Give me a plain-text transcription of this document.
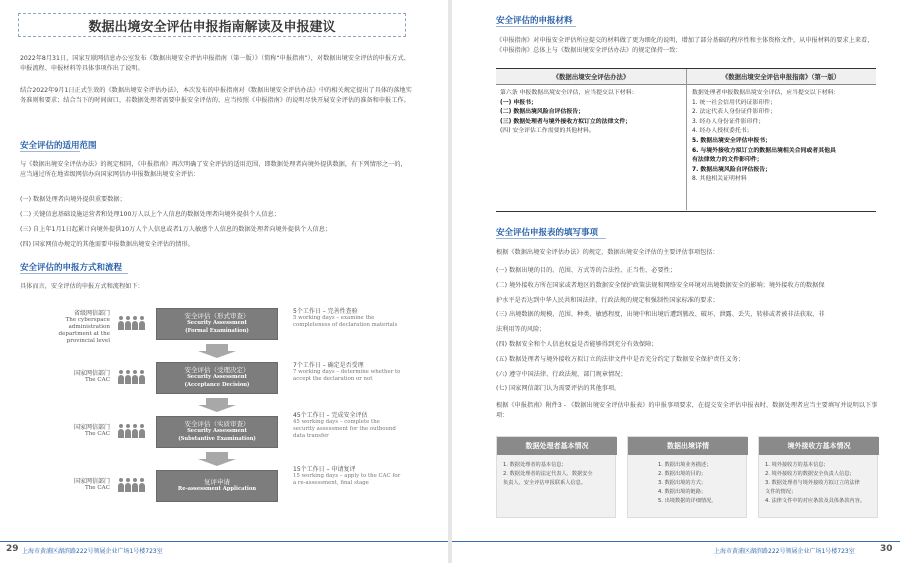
数据出境安全评估申报指南解读及申报建议
2022年8月31日，国家互联网信息办公室发布《数据出境安全评估申报指南（第一版）》（简称“申报指南”），对数据出境安全评估的申报方式、申报流程、申报材料等具体事项作出了说明。
结合2022年9月1日正式生效的《数据出境安全评估办法》，本次发布的申报指南对《数据出境安全评估办法》中的相关规定提出了具体的落地实务准则和要求；结合当下的时间窗口，若数据处理者需要申报安全评估的、应当按照《申报指南》的说明尽快开展安全评估的准备和申报工作。
安全评估的适用范围
与《数据出境安全评估办法》的规定相同，《申报指南》再次明确了安全评估的适用范围，即数据处理者向境外提供数据，有下列情形之一的，应当通过所在地省级网信办向国家网信办申报数据出境安全评估：
(一) 数据处理者向境外提供重要数据；
(二) 关键信息基础设施运营者和处理100万人以上个人信息的数据处理者向境外提供个人信息；
(三) 自上年1月1日起累计向境外提供10万人个人信息或者1万人敏感个人信息的数据处理者向境外提供个人信息；
(四) 国家网信办规定的其他需要申报数据出境安全评估的情形。
安全评估的申报方式和流程
具体而言，安全评估的申报方式和流程如下：
省级网信部门
The cyberspace administration department at the provincial level
安全评估（形式审查）
Security Assessment
(Formal Examination)
5个工作日 – 完善性查验
5 working days – examine the completeness of declaration materials
国家网信部门
The CAC
安全评估（受理决定）
Security Assessment
(Acceptance Decision)
7个工作日 – 确定是否受理
7 working days – determine whether to accept the declaration or not
国家网信部门
The CAC
安全评估（实质审查）
Security Assessment
(Substantive Examination)
45个工作日 – 完成安全评估
45 working days – complete the security assessment for the outbound data transfer
国家网信部门
The CAC
复评申请
Re-assessment Application
15个工作日 – 申请复评
15 working days – apply to the CAC for a re-assessment, final stage
29 上海市黄浦区湖滨路222号领展企业广场1号楼723室
安全评估的申报材料
《申报指南》对申报安全评估所应提交的材料做了更为细化的说明，增加了部分基础的程序性和主体资格文件，从申报材料的要求上来看，《申报指南》总体上与《数据出境安全评估办法》的规定保持一致：
《数据出境安全评估办法》	《数据出境安全评估申报指南》（第一版）
第六条 申报数据出境安全评估，应当提交以下材料：
(一) 申报书；
(二) 数据出境风险自评估报告；
(三) 数据处理者与境外接收方拟订立的法律文件；
(四) 安全评估工作需要的其他材料。
数据处理者申报数据出境安全评估，应当提交以下材料：
1. 统一社会信用代码证影印件；
2. 法定代表人身份证件影印件；
3. 经办人身份证件影印件；
4. 经办人授权委托书；
5. 数据出境安全评估申报书；
6. 与境外接收方拟订立的数据出境相关合同或者其他具
有法律效力的文件影印件；
7. 数据出境风险自评估报告；
8. 其他相关证明材料
安全评估申报表的填写事项
根据《数据出境安全评估办法》的规定，数据出境安全评估的主要评估事项包括：
(一) 数据出境的目的、范围、方式等的合法性、正当性、必要性；
(二) 境外接收方所在国家或者地区的数据安全保护政策法规和网络安全环境对出境数据安全的影响；境外接收方的数据保
护水平是否达到中华人民共和国法律、行政法规的规定和强制性国家标准的要求；
(三) 出境数据的规模、范围、种类、敏感程度，出境中和出境后遭到篡改、破坏、泄露、丢失、转移或者被非法获取、非
法利用等的风险；
(四) 数据安全和个人信息权益是否能够得到充分有效保障；
(五) 数据处理者与境外接收方拟订立的法律文件中是否充分约定了数据安全保护责任义务；
(六) 遵守中国法律、行政法规、部门规章情况；
(七) 国家网信部门认为需要评估的其他事项。
根据《申报指南》附件3 - 《数据出境安全评估申报表》的申报事项要求，在提交安全评估申报表时，数据处理者应当主要填写并说明以下事项：
数据处理者基本情况
1. 数据处理者的基本信息；
2. 数据处理者的法定代表人、数据安全
负责人、安全评估申报联系人信息。
数据出境详情
1. 数据出境业务描述；
2. 数据出境的目的；
3. 数据出境的方式；
4. 数据出境的链路；
5. 出境数据的详细情况。
境外接收方基本情况
1. 境外接收方的基本信息；
2. 境外接收方的数据安全负责人信息；
3. 数据处理者与境外接收方拟订立的法律
文件的情况；
4. 法律文件中的对应条款及具体条款内容。
上海市黄浦区湖滨路222号领展企业广场1号楼723室	30
